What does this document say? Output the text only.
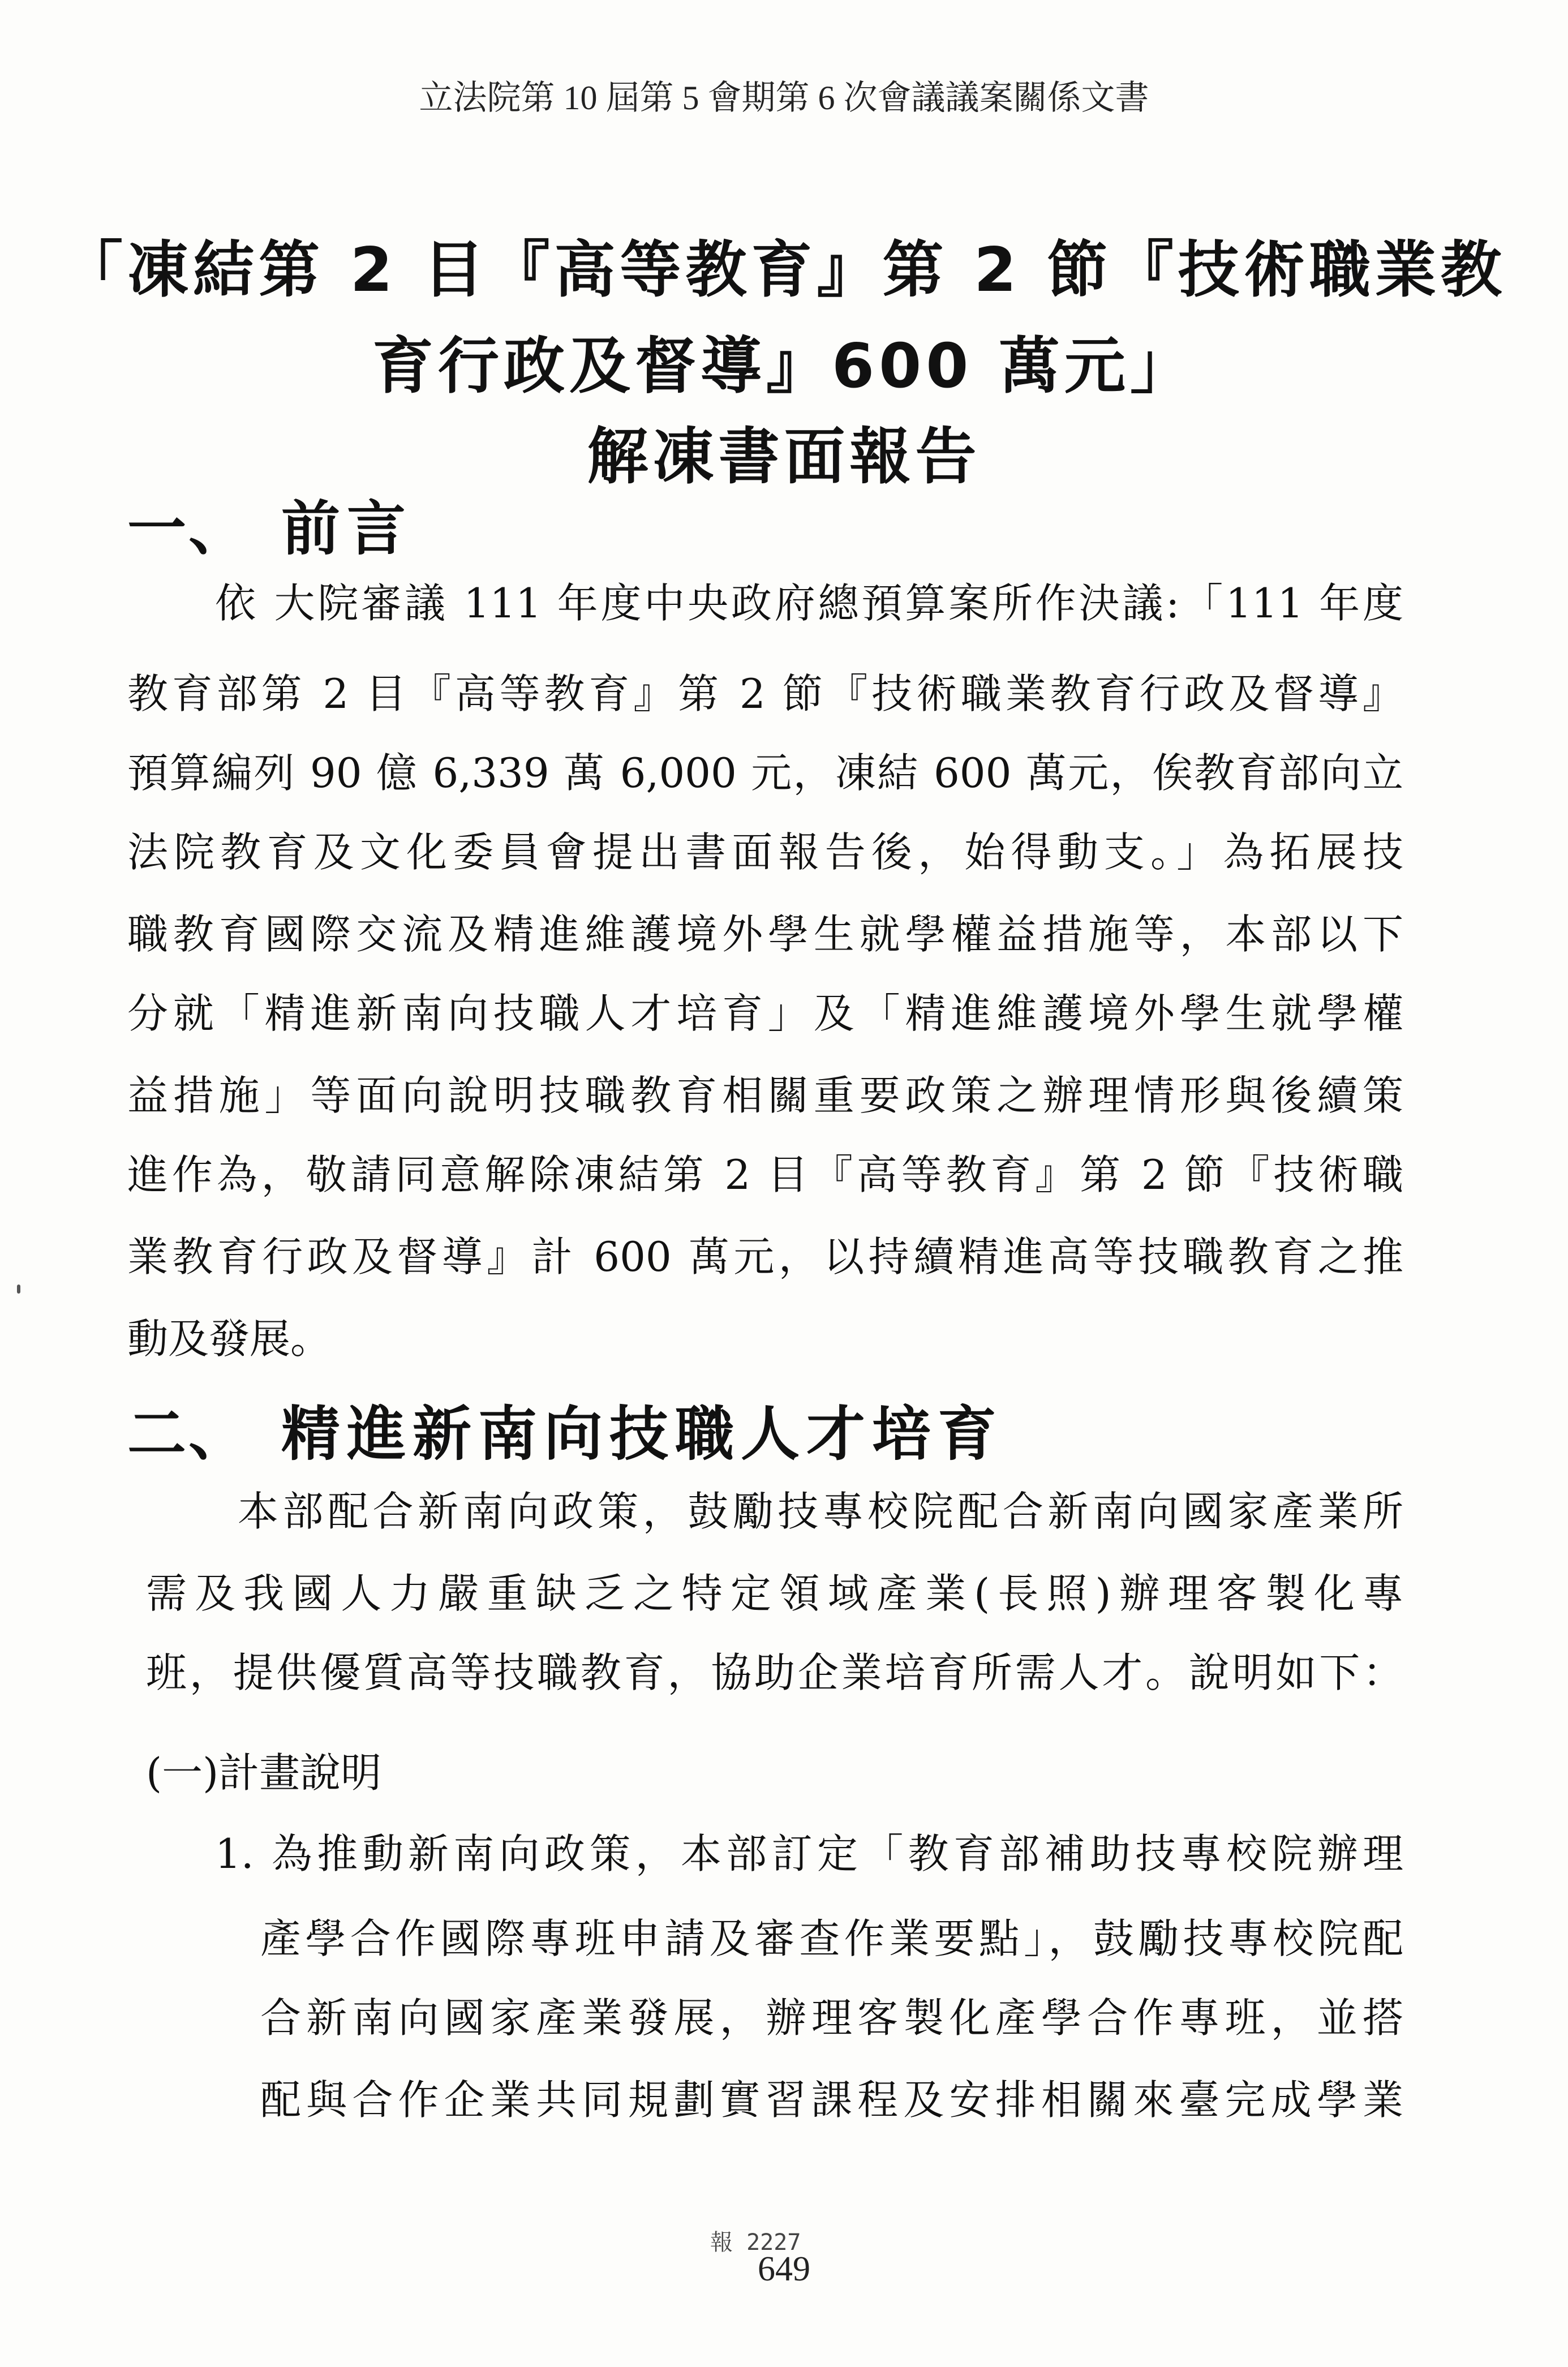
立法院第 10 屆第 5 會期第 6 次會議議案關係文書
「凍結第 2 目『高等教育』第 2 節『技術職業教
育行政及督導』600 萬元」
解凍書面報告
一、 前言
依 大院審議 111 年度中央政府總預算案所作決議:「111 年度
教育部第 2 目『高等教育』第 2 節『技術職業教育行政及督導』
預算編列 90 億 6,339 萬 6,000 元，凍結 600 萬元，俟教育部向立
法院教育及文化委員會提出書面報告後，始得動支。」為拓展技
職教育國際交流及精進維護境外學生就學權益措施等，本部以下
分就「精進新南向技職人才培育」及「精進維護境外學生就學權
益措施」等面向說明技職教育相關重要政策之辦理情形與後續策
進作為，敬請同意解除凍結第 2 目『高等教育』第 2 節『技術職
業教育行政及督導』計 600 萬元，以持續精進高等技職教育之推
動及發展。
二、 精進新南向技職人才培育
本部配合新南向政策，鼓勵技專校院配合新南向國家產業所
需及我國人力嚴重缺乏之特定領域產業(長照)辦理客製化專
班，提供優質高等技職教育，協助企業培育所需人才。說明如下：
(一)計畫說明
1. 為推動新南向政策，本部訂定「教育部補助技專校院辦理
產學合作國際專班申請及審查作業要點」，鼓勵技專校院配
合新南向國家產業發展，辦理客製化產學合作專班，並搭
配與合作企業共同規劃實習課程及安排相關來臺完成學業
報 2227
649
